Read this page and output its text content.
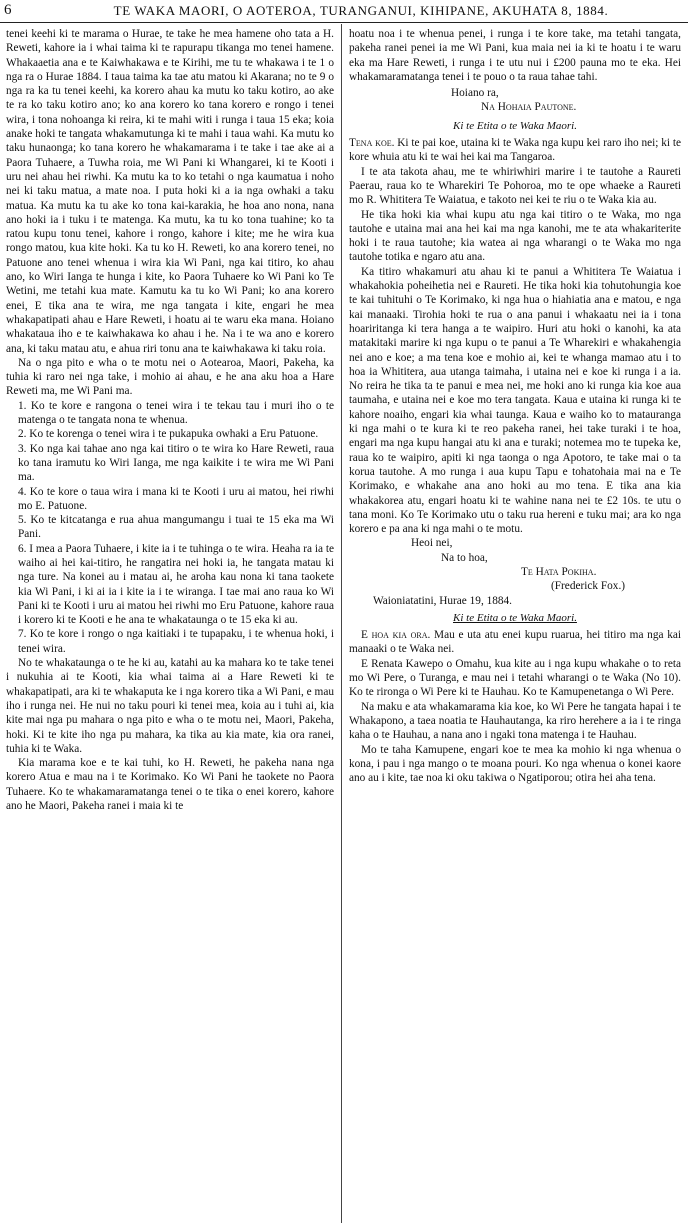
6	TE WAKA MAORI, O AOTEROA, TURANGANUI, KIHIPANE, AKUHATA 8, 1884.

tenei keehi ki te marama o Hurae, te take he mea hamene oho tata a H. Reweti, kahore ia i whai taima ki te rapurapu tikanga mo tenei hamene. Whakaaetia ana e te Kaiwhakawa e te Kirihi, me tu te whakawa i te 1 o nga ra o Hurae 1884. I taua taima ka tae atu matou ki Akarana; no te 9 o nga ra ka tu tenei keehi, ka korero ahau ka mutu ko taku kotiro, ao ake te ra ko taku kotiro ano; ko ana korero ko tana korero e rongo i tenei wira, i tona nohoanga ki reira, ki te mahi witi i runga i taua 15 eka; koia anake hoki te tangata whakamutunga ki te mahi i taua wahi. Ka mutu ko taku hunaonga; ko tana korero he whakamarama i te take i tae ake ai a Paora Tuhaere, a Tuwha roia, me Wi Pani ki Whangarei, ki te Kooti i uru nei ahau hei riwhi. Ka mutu ka to ko tetahi o nga kaumatua i noho nei ki taku matua, a mate noa. I puta hoki ki a ia nga owhaki a taku matua. Ka mutu ka tu ake ko tona kai-karakia, he hoa ano nona, nana ano hoki ia i tuku i te matenga. Ka mutu, ka tu ko tona tuahine; ko ta ratou kupu tonu tenei, kahore i rongo, kahore i kite; me he wira kua rongo matou, kua kite hoki. Ka tu ko H. Reweti, ko ana korero tenei, no Patuone ano tenei whenua i wira kia Wi Pani, nga kai titiro, ko ahau ano, ko Wiri Ianga te hunga i kite, ko Paora Tuhaere ko Wi Pani ko Te Wetini, me tetahi kua mate. Kamutu ka tu ko Wi Pani; ko ana korero enei, E tika ana te wira, me nga tangata i kite, engari he mea whakapatipati ahau e Hare Reweti, i hoatu ai te waru eka mana. Hoiano whakataua iho e te kaiwhakawa ko ahau i he. Na i te wa ano e korero ana, ki taku matau atu, e ahua riri tonu ana te kaiwhakawa ki taku roia.

Na o nga pito e wha o te motu nei o Aotearoa, Maori, Pakeha, ka tuhia ki raro nei nga take, i mohio ai ahau, e he ana aku hoa a Hare Reweti ma, me Wi Pani ma.

1. Ko te kore e rangona o tenei wira i te tekau tau i muri iho o te matenga o te tangata nona te whenua.

2. Ko te korenga o tenei wira i te pukapuka owhaki a Eru Patuone.

3. Ko nga kai tahae ano nga kai titiro o te wira ko Hare Reweti, raua ko tana iramutu ko Wiri Ianga, me nga kaikite i te wira me Wi Pani ma.

4. Ko te kore o taua wira i mana ki te Kooti i uru ai matou, hei riwhi mo E. Patuone.

5. Ko te kitcatanga e rua ahua mangumangu i tuai te 15 eka ma Wi Pani.

6. I mea a Paora Tuhaere, i kite ia i te tuhinga o te wira. Heaha ra ia te waiho ai hei kai-titiro, he rangatira nei hoki ia, he tangata matau ki nga ture. Na konei au i matau ai, he aroha kau nona ki tana taokete kia Wi Pani, i ki ai ia i kite ia i te wiranga. I tae mai ano raua ko Wi Pani ki te Kooti i uru ai matou hei riwhi mo Eru Patuone, kahore raua i korero ki te Kooti e he ana te whakataunga o te 15 eka ki au.

7. Ko te kore i rongo o nga kaitiaki i te tupapaku, i te whenua hoki, i tenei wira.

No te whakataunga o te he ki au, katahi au ka mahara ko te take tenei i nukuhia ai te Kooti, kia whai taima ai a Hare Reweti ki te whakapatipati, ara ki te whakaputa ke i nga korero tika a Wi Pani, e mau iho i runga nei. He nui no taku pouri ki tenei mea, koia au i tuhi ai, kia kite mai nga pu mahara o nga pito e wha o te motu nei, Maori, Pakeha, hoki. Ki te kite iho nga pu mahara, ka tika au kia mate, kia ora ranei, tuhia ki te Waka.

Kia marama koe e te kai tuhi, ko H. Reweti, he pakeha nana nga korero Atua e mau na i te Korimako. Ko Wi Pani he taokete no Paora Tuhaere. Ko te whakamaramatanga tenei o te tika o enei korero, kahore ano he Maori, Pakeha ranei i maia ki te

hoatu noa i te whenua penei, i runga i te kore take, ma tetahi tangata, pakeha ranei penei ia me Wi Pani, kua maia nei ia ki te hoatu i te waru eka ma Hare Reweti, i runga i te utu nui i £200 pauna mo te eka. Hei whakamaramatanga tenei i te pouo o ta raua tahae tahi.

Hoiano ra,

Na Hohaia Pautone.

Ki te Etita o te Waka Maori.

Tena koe. Ki te pai koe, utaina ki te Waka nga kupu kei raro iho nei; ki te kore whuia atu ki te wai hei kai ma Tangaroa.

I te ata takota ahau, me te whiriwhiri marire i te tautohe a Raureti Paerau, raua ko te Wharekiri Te Pohoroa, mo te ope whaeke a Raureti mo R. Whititera Te Waiatua, e takoto nei kei te riu o te Waka kia au.

He tika hoki kia whai kupu atu nga kai titiro o te Waka, mo nga tautohe e utaina mai ana hei kai ma nga kanohi, me te ata whakariterite hoki i te raua tautohe; kia watea ai nga wharangi o te Waka mo nga tautohe totika e ngaro atu ana.

Ka titiro whakamuri atu ahau ki te panui a Whititera Te Waiatua i whakahokia poheihetia nei e Raureti. He tika hoki kia tohutohungia koe te kai tuhituhi o Te Korimako, ki nga hua o hiahiatia ana e matou, e nga kai manaaki. Tirohia hoki te rua o ana panui i whakaatu nei ia i tona hoariritanga ki tera hanga a te waipiro. Huri atu hoki o kanohi, ka ata matakitaki marire ki nga kupu o te panui a Te Wharekiri e whakahengia nei ano e koe; a ma tena koe e mohio ai, kei te whanga mamao atu i to hoa ia Whititera, aua utanga taimaha, i utaina nei e koe ki runga i a ia. No reira he tika ta te panui e mea nei, me hoki ano ki runga kia koe aua taumaha, e utaina nei e koe mo tera tangata. Kaua e utaina ki runga ki te kahore noaiho, engari kia whai taunga. Kaua e waiho ko to matauranga ki nga mahi o te kura ki te reo pakeha ranei, hei take turaki i te hoa, engari ma nga kupu hangai atu ki ana e turaki; notemea mo te tupeka ke, raua ko te waipiro, apiti ki nga taonga o nga Apotoro, te take mai o ta korua tautohe. A mo runga i aua kupu Tapu e tohatohaia mai na e Te Korimako, e whakahe ana ano hoki au mo tena. E tika ana kia whakakorea atu, engari hoatu ki te wahine nana nei te £2 10s. te utu o tana moni. Ko Te Korimako utu o taku rua hereni e tuku mai; ara ko nga korero e pa ana ki nga mahi o te motu.

Heoi nei,

Na to hoa,

Te Hata Pokiha.

(Frederick Fox.)

Waioniatatini, Hurae 19, 1884.

Ki te Etita o te Waka Maori.

E hoa kia ora.

Mau e uta atu enei kupu ruarua, hei titiro ma nga kai manaaki o te Waka nei.

E Renata Kawepo o Omahu, kua kite au i nga kupu whakahe o to reta mo Wi Pere, o Turanga, e mau nei i tetahi wharangi o te Waka (No 10). Ko te rironga o Wi Pere ki te Hauhau. Ko te Kamupenetanga o Wi Pere.

Na maku e ata whakamarama kia koe, ko Wi Pere he tangata hapai i te Whakapono, a taea noatia te Hauhautanga, ka riro herehere a ia i te ringa kaha o te Hauhau, a nana ano i ngaki tona matenga i te Hauhau.

Mo te taha Kamupene, engari koe te mea ka mohio ki nga whenua o kona, i pau i nga mango o te moana pouri. Ko nga whenua o konei kaore ano au i kite, tae noa ki oku takiwa o Ngatiporou; otira hei aha tena.
